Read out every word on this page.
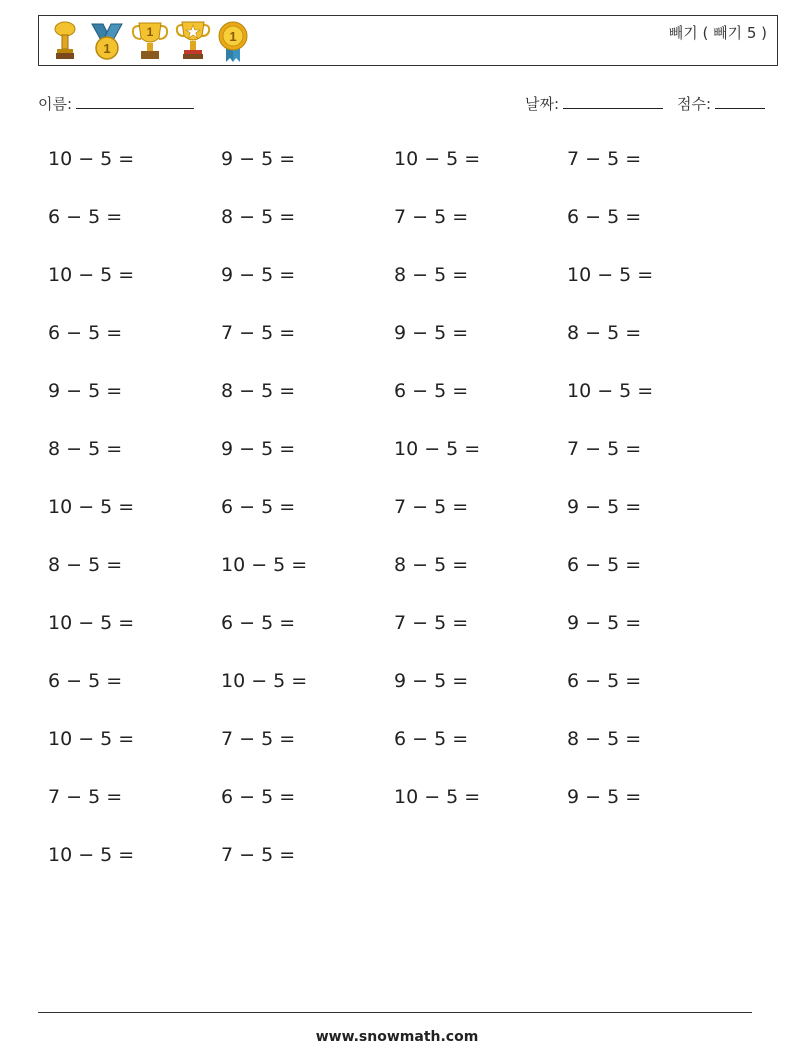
1
1	1	빼기 ( 빼기 5 )
이름:	날짜:	점수:
10 − 5 =	9 − 5 =	10 − 5 =	7 − 5 =
6 − 5 =	8 − 5 =	7 − 5 =	6 − 5 =
10 − 5 =	9 − 5 =	8 − 5 =	10 − 5 =
6 − 5 =	7 − 5 =	9 − 5 =	8 − 5 =
9 − 5 =	8 − 5 =	6 − 5 =	10 − 5 =
8 − 5 =	9 − 5 =	10 − 5 =	7 − 5 =
10 − 5 =	6 − 5 =	7 − 5 =	9 − 5 =
8 − 5 =	10 − 5 =	8 − 5 =	6 − 5 =
10 − 5 =	6 − 5 =	7 − 5 =	9 − 5 =
6 − 5 =	10 − 5 =	9 − 5 =	6 − 5 =
10 − 5 =	7 − 5 =	6 − 5 =	8 − 5 =
7 − 5 =	6 − 5 =	10 − 5 =	9 − 5 =
10 − 5 =	7 − 5 =
www.snowmath.com
